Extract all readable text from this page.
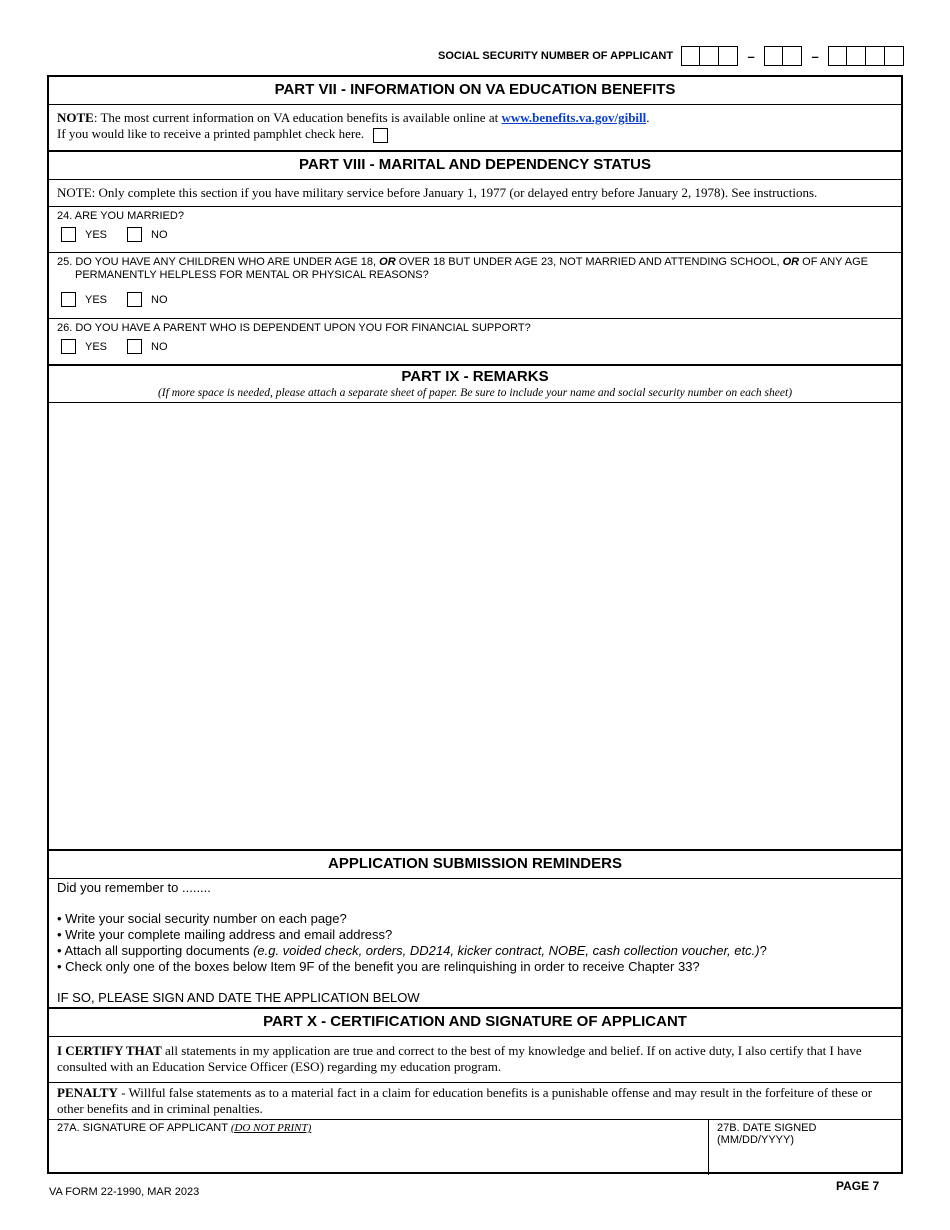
SOCIAL SECURITY NUMBER OF APPLICANT	–	–
PART VII - INFORMATION ON VA EDUCATION BENEFITS
NOTE: The most current information on VA education benefits is available online at www.benefits.va.gov/gibill.
If you would like to receive a printed pamphlet check here.
PART VIII - MARITAL AND DEPENDENCY STATUS
NOTE: Only complete this section if you have military service before January 1, 1977 (or delayed entry before January 2, 1978). See instructions.
24. ARE YOU MARRIED?
YES	NO
25. DO YOU HAVE ANY CHILDREN WHO ARE UNDER AGE 18, OR OVER 18 BUT UNDER AGE 23, NOT MARRIED AND ATTENDING SCHOOL, OR OF ANY AGE
PERMANENTLY HELPLESS FOR MENTAL OR PHYSICAL REASONS?
YES	NO
26. DO YOU HAVE A PARENT WHO IS DEPENDENT UPON YOU FOR FINANCIAL SUPPORT?
YES	NO
PART IX - REMARKS
(If more space is needed, please attach a separate sheet of paper. Be sure to include your name and social security number on each sheet)
APPLICATION SUBMISSION REMINDERS
Did you remember to ........
• Write your social security number on each page?
• Write your complete mailing address and email address?
• Attach all supporting documents (e.g. voided check, orders, DD214, kicker contract, NOBE, cash collection voucher, etc.)?
• Check only one of the boxes below Item 9F of the benefit you are relinquishing in order to receive Chapter 33?
IF SO, PLEASE SIGN AND DATE THE APPLICATION BELOW
PART X - CERTIFICATION AND SIGNATURE OF APPLICANT
I CERTIFY THAT all statements in my application are true and correct to the best of my knowledge and belief. If on active duty, I also certify that I have consulted with an Education Service Officer (ESO) regarding my education program.
PENALTY - Willful false statements as to a material fact in a claim for education benefits is a punishable offense and may result in the forfeiture of these or other benefits and in criminal penalties.
27A. SIGNATURE OF APPLICANT (DO NOT PRINT)	27B. DATE SIGNED (MM/DD/YYYY)
VA FORM 22-1990, MAR 2023	PAGE 7
